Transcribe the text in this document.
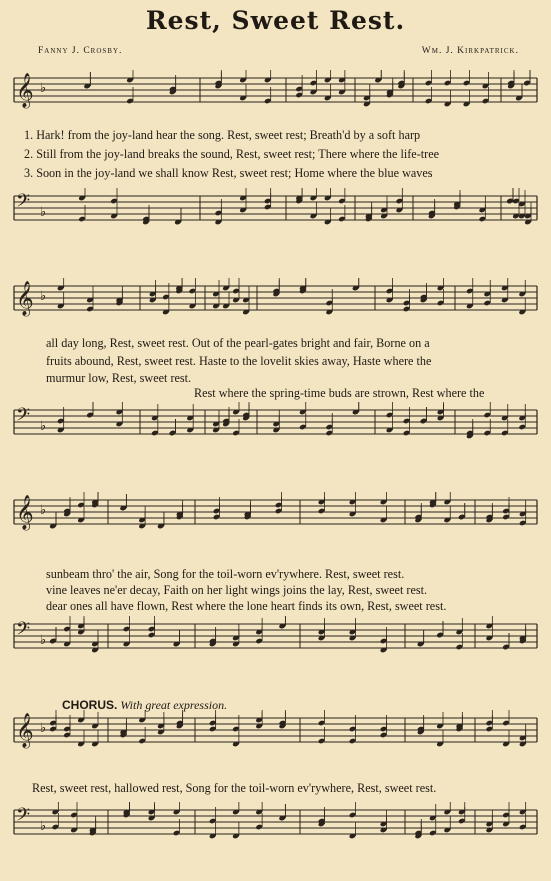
Rest, Sweet Rest.
Fanny J. Crosby.	Wm. J. Kirkpatrick.
𝄞 ♭
1. Hark! from the joy-land hear the song. Rest, sweet rest; Breath'd by a soft harp
2. Still from the joy-land breaks the sound, Rest, sweet rest; There where the life-tree
3. Soon in the joy-land we shall know Rest, sweet rest; Home where the blue waves
𝄢 ♭
𝄞 ♭
all day long, Rest, sweet rest. Out of the pearl-gates bright and fair, Borne on a
fruits abound, Rest, sweet rest. Haste to the lovelit skies away, Haste where the
murmur low, Rest, sweet rest.
Rest where the spring-time buds are strown, Rest where the
𝄢 ♭
𝄞 ♭
sunbeam thro' the air, Song for the toil-worn ev'rywhere. Rest, sweet rest.
vine leaves ne'er decay, Faith on her light wings joins the lay, Rest, sweet rest.
dear ones all have flown, Rest where the lone heart finds its own, Rest, sweet rest.
𝄢 ♭
CHORUS. With great expression.
𝄞 ♭
Rest, sweet rest, hallowed rest, Song for the toil-worn ev'rywhere, Rest, sweet rest.
𝄢 ♭
